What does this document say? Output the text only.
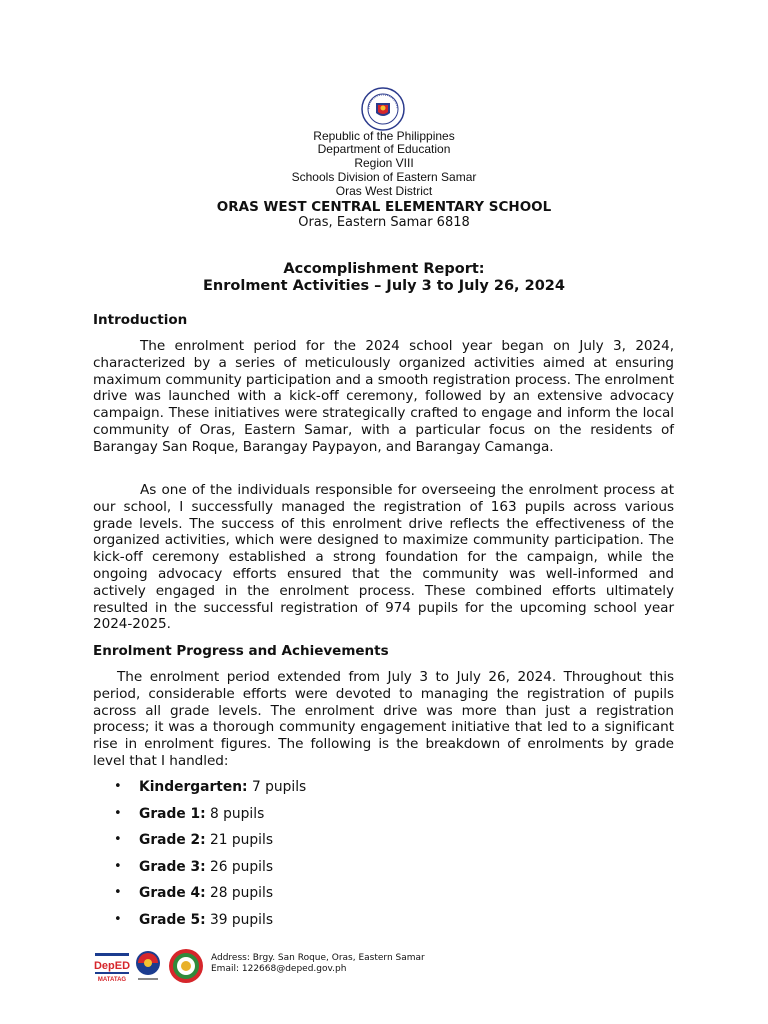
Republic of the Philippines
Department of Education
Region VIII
Schools Division of Eastern Samar
Oras West District
ORAS WEST CENTRAL ELEMENTARY SCHOOL
Oras, Eastern Samar 6818
Accomplishment Report:
Enrolment Activities – July 3 to July 26, 2024
Introduction

The enrolment period for the 2024 school year began on July 3, 2024, characterized by a series of meticulously organized activities aimed at ensuring maximum community participation and a smooth registration process. The enrolment drive was launched with a kick-off ceremony, followed by an extensive advocacy campaign. These initiatives were strategically crafted to engage and inform the local community of Oras, Eastern Samar, with a particular focus on the residents of Barangay San Roque, Barangay Paypayon, and Barangay Camanga.

As one of the individuals responsible for overseeing the enrolment process at our school, I successfully managed the registration of 163 pupils across various grade levels. The success of this enrolment drive reflects the effectiveness of the organized activities, which were designed to maximize community participation. The kick-off ceremony established a strong foundation for the campaign, while the ongoing advocacy efforts ensured that the community was well-informed and actively engaged in the enrolment process. These combined efforts ultimately resulted in the successful registration of 974 pupils for the upcoming school year 2024-2025.

Enrolment Progress and Achievements

The enrolment period extended from July 3 to July 26, 2024. Throughout this period, considerable efforts were devoted to managing the registration of pupils across all grade levels. The enrolment drive was more than just a registration process; it was a thorough community engagement initiative that led to a significant rise in enrolment figures. The following is the breakdown of enrolments by grade level that I handled:

• Kindergarten: 7 pupils
• Grade 1: 8 pupils
• Grade 2: 21 pupils
• Grade 3: 26 pupils
• Grade 4: 28 pupils
• Grade 5: 39 pupils
DepED
MATATAG
Address: Brgy. San Roque, Oras, Eastern Samar
Email: 122668@deped.gov.ph
